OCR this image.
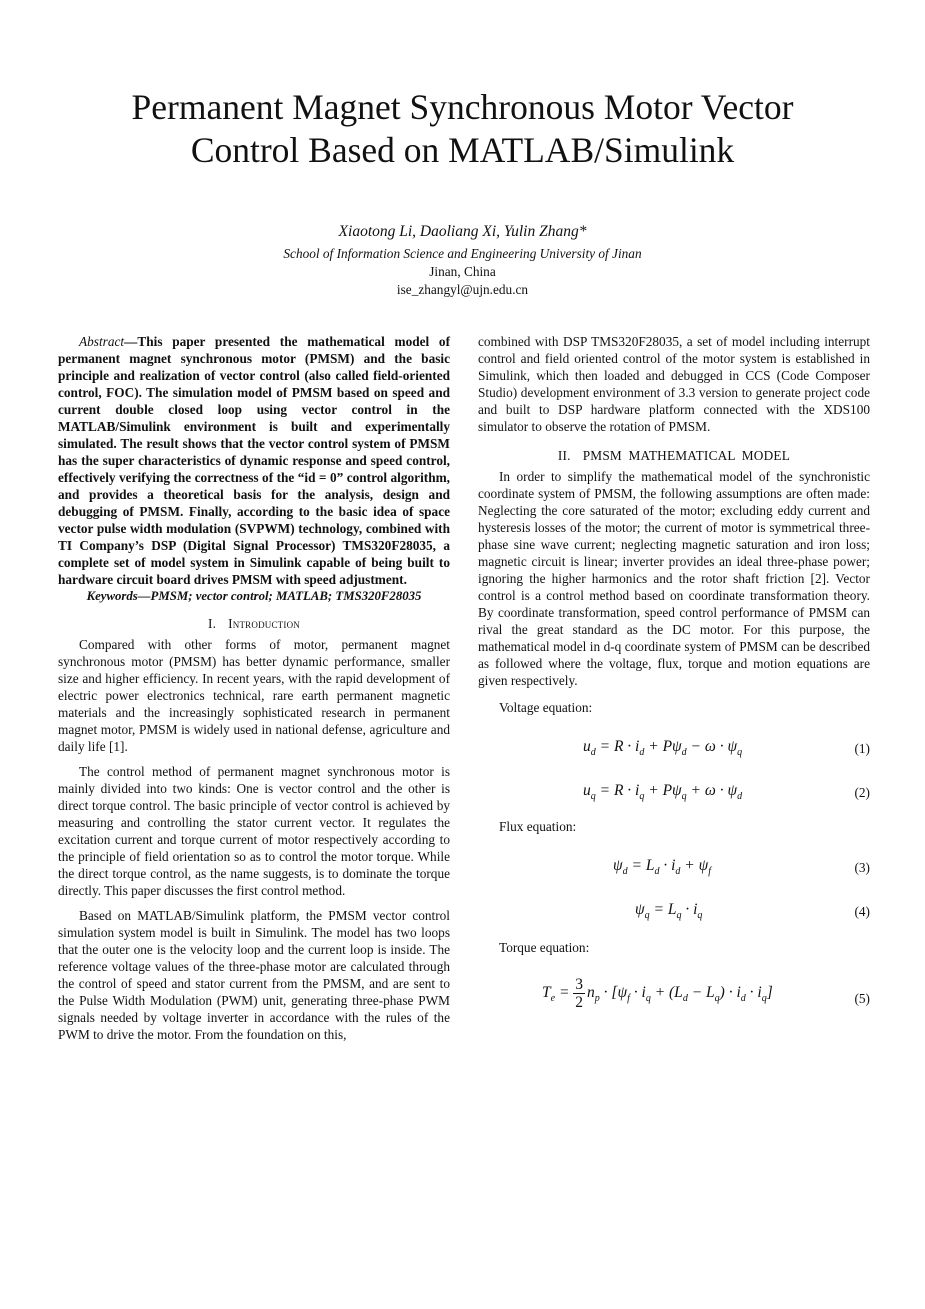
Permanent Magnet Synchronous Motor Vector
Control Based on MATLAB/Simulink
Xiaotong Li, Daoliang Xi, Yulin Zhang*
School of Information Science and Engineering University of Jinan
Jinan, China
ise_zhangyl@ujn.edu.cn

Abstract—This paper presented the mathematical model of permanent magnet synchronous motor (PMSM) and the basic principle and realization of vector control (also called field-oriented control, FOC). The simulation model of PMSM based on speed and current double closed loop using vector control in the MATLAB/Simulink environment is built and experimentally simulated. The result shows that the vector control system of PMSM has the super characteristics of dynamic response and speed control, effectively verifying the correctness of the “id = 0” control algorithm, and provides a theoretical basis for the analysis, design and debugging of PMSM. Finally, according to the basic idea of space vector pulse width modulation (SVPWM) technology, combined with TI Company’s DSP (Digital Signal Processor) TMS320F28035, a complete set of model system in Simulink capable of being built to hardware circuit board drives PMSM with speed adjustment.

Keywords—PMSM; vector control; MATLAB; TMS320F28035

I. Introduction

Compared with other forms of motor, permanent magnet synchronous motor (PMSM) has better dynamic performance, smaller size and higher efficiency. In recent years, with the rapid development of electric power electronics technical, rare earth permanent magnetic materials and the increasingly sophisticated research in permanent magnet motor, PMSM is widely used in national defense, agriculture and daily life [1].

The control method of permanent magnet synchronous motor is mainly divided into two kinds: One is vector control and the other is direct torque control. The basic principle of vector control is achieved by measuring and controlling the stator current vector. It regulates the excitation current and torque current of motor respectively according to the principle of field orientation so as to control the motor torque. While the direct torque control, as the name suggests, is to dominate the torque directly. This paper discusses the first control method.

Based on MATLAB/Simulink platform, the PMSM vector control simulation system model is built in Simulink. The model has two loops that the outer one is the velocity loop and the current loop is inside. The reference voltage values of the three-phase motor are calculated through the control of speed and stator current from the PMSM, and are sent to the Pulse Width Modulation (PWM) unit, generating three-phase PWM signals needed by voltage inverter in accordance with the rules of the PWM to drive the motor. From the foundation on this,

combined with DSP TMS320F28035, a set of model including interrupt control and field oriented control of the motor system is established in Simulink, which then loaded and debugged in CCS (Code Composer Studio) development environment of 3.3 version to generate project code and built to DSP hardware platform connected with the XDS100 simulator to observe the rotation of PMSM.

II. PMSM MATHEMATICAL MODEL

In order to simplify the mathematical model of the synchronistic coordinate system of PMSM, the following assumptions are often made: Neglecting the core saturated of the motor; excluding eddy current and hysteresis losses of the motor; the current of motor is symmetrical three-phase sine wave current; neglecting magnetic saturation and iron loss; magnetic circuit is linear; inverter provides an ideal three-phase power; ignoring the higher harmonics and the rotor shaft friction [2]. Vector control is a control method based on coordinate transformation theory. By coordinate transformation, speed control performance of PMSM can rival the great standard as the DC motor. For this purpose, the mathematical model in d-q coordinate system of PMSM can be described as followed where the voltage, flux, torque and motion equations are given respectively.

Voltage equation:

$u_d = R \cdot i_d + P\psi_d - \omega \cdot \psi_q$	(1)
$u_q = R \cdot i_q + P\psi_q + \omega \cdot \psi_d$	(2)

Flux equation:

$\psi_d = L_d \cdot i_d + \psi_f$	(3)
$\psi_q = L_q \cdot i_q$	(4)

Torque equation:

$T_e = \frac{3}{2} n_p \cdot [\psi_f \cdot i_q + (L_d - L_q) \cdot i_d \cdot i_q]$	(5)
